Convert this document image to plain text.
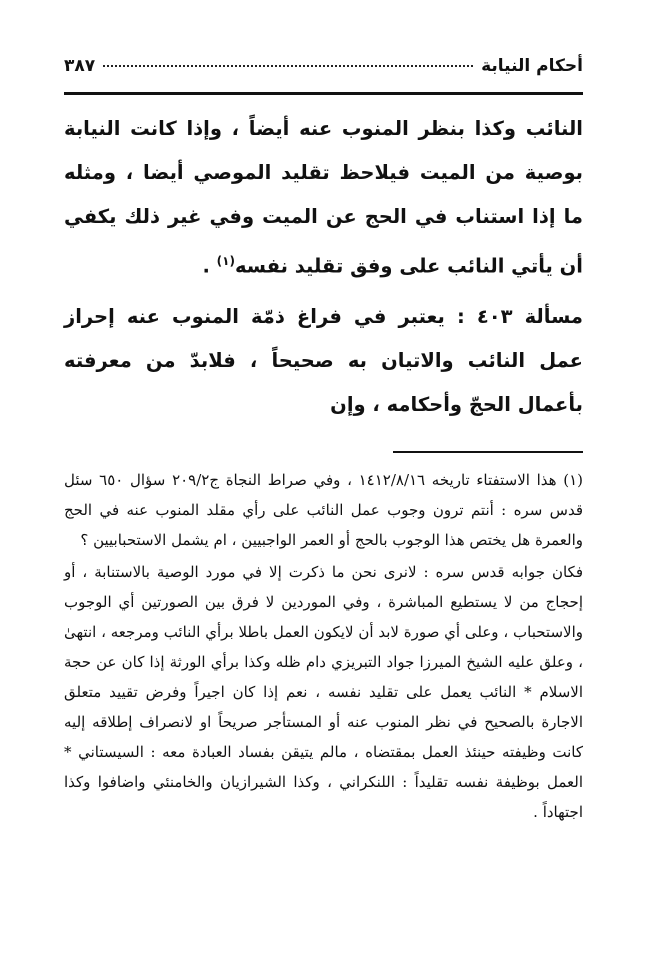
أحكام النيابة
٣٨٧

النائب وكذا بنظر المنوب عنه أيضاً ، وإذا كانت النيابة بوصية من الميت فيلاحظ تقليد الموصي أيضا ، ومثله ما إذا استناب في الحج عن الميت وفي غير ذلك يكفي أن يأتي النائب على وفق تقليد نفسه$^{(١)}$ .

مسألة ٤٠٣ : يعتبر في فراغ ذمّة المنوب عنه إحراز عمل النائب والاتيان به صحيحاً ، فلابدّ من معرفته بأعمال الحجّ وأحكامه ، وإن

(١) هذا الاستفتاء تاريخه ١٤١٢/٨/١٦ ، وفي صراط النجاة ج٢٠٩/٢ سؤال ٦٥٠ سئل قدس سره : أنتم ترون وجوب عمل النائب على رأي مقلد المنوب عنه في الحج والعمرة هل يختص هذا الوجوب بالحج أو العمر الواجبيين ، ام يشمل الاستحبابيين ؟

فكان جوابه قدس سره : لانرى نحن ما ذكرت إلا في مورد الوصية بالاستنابة ، أو إحجاج من لا يستطيع المباشرة ، وفي الموردين لا فرق بين الصورتين أي الوجوب والاستحباب ، وعلى أي صورة لابد أن لايكون العمل باطلا برأي النائب ومرجعه ، انتهىٰ ، وعلق عليه الشيخ الميرزا جواد التبريزي دام ظله وكذا برأي الورثة إذا كان عن حجة الاسلام * النائب يعمل على تقليد نفسه ، نعم إذا كان اجيراً وفرض تقييد متعلق الاجارة بالصحيح في نظر المنوب عنه أو المستأجر صريحاً او لانصراف إطلاقه إليه كانت وظيفته حينئذ العمل بمقتضاه ، مالم يتيقن بفساد العبادة معه : السيستاني * العمل بوظيفة نفسه تقليداً : اللنكراني ، وكذا الشيرازيان والخامنئي واضافوا وكذا اجتهاداً .
